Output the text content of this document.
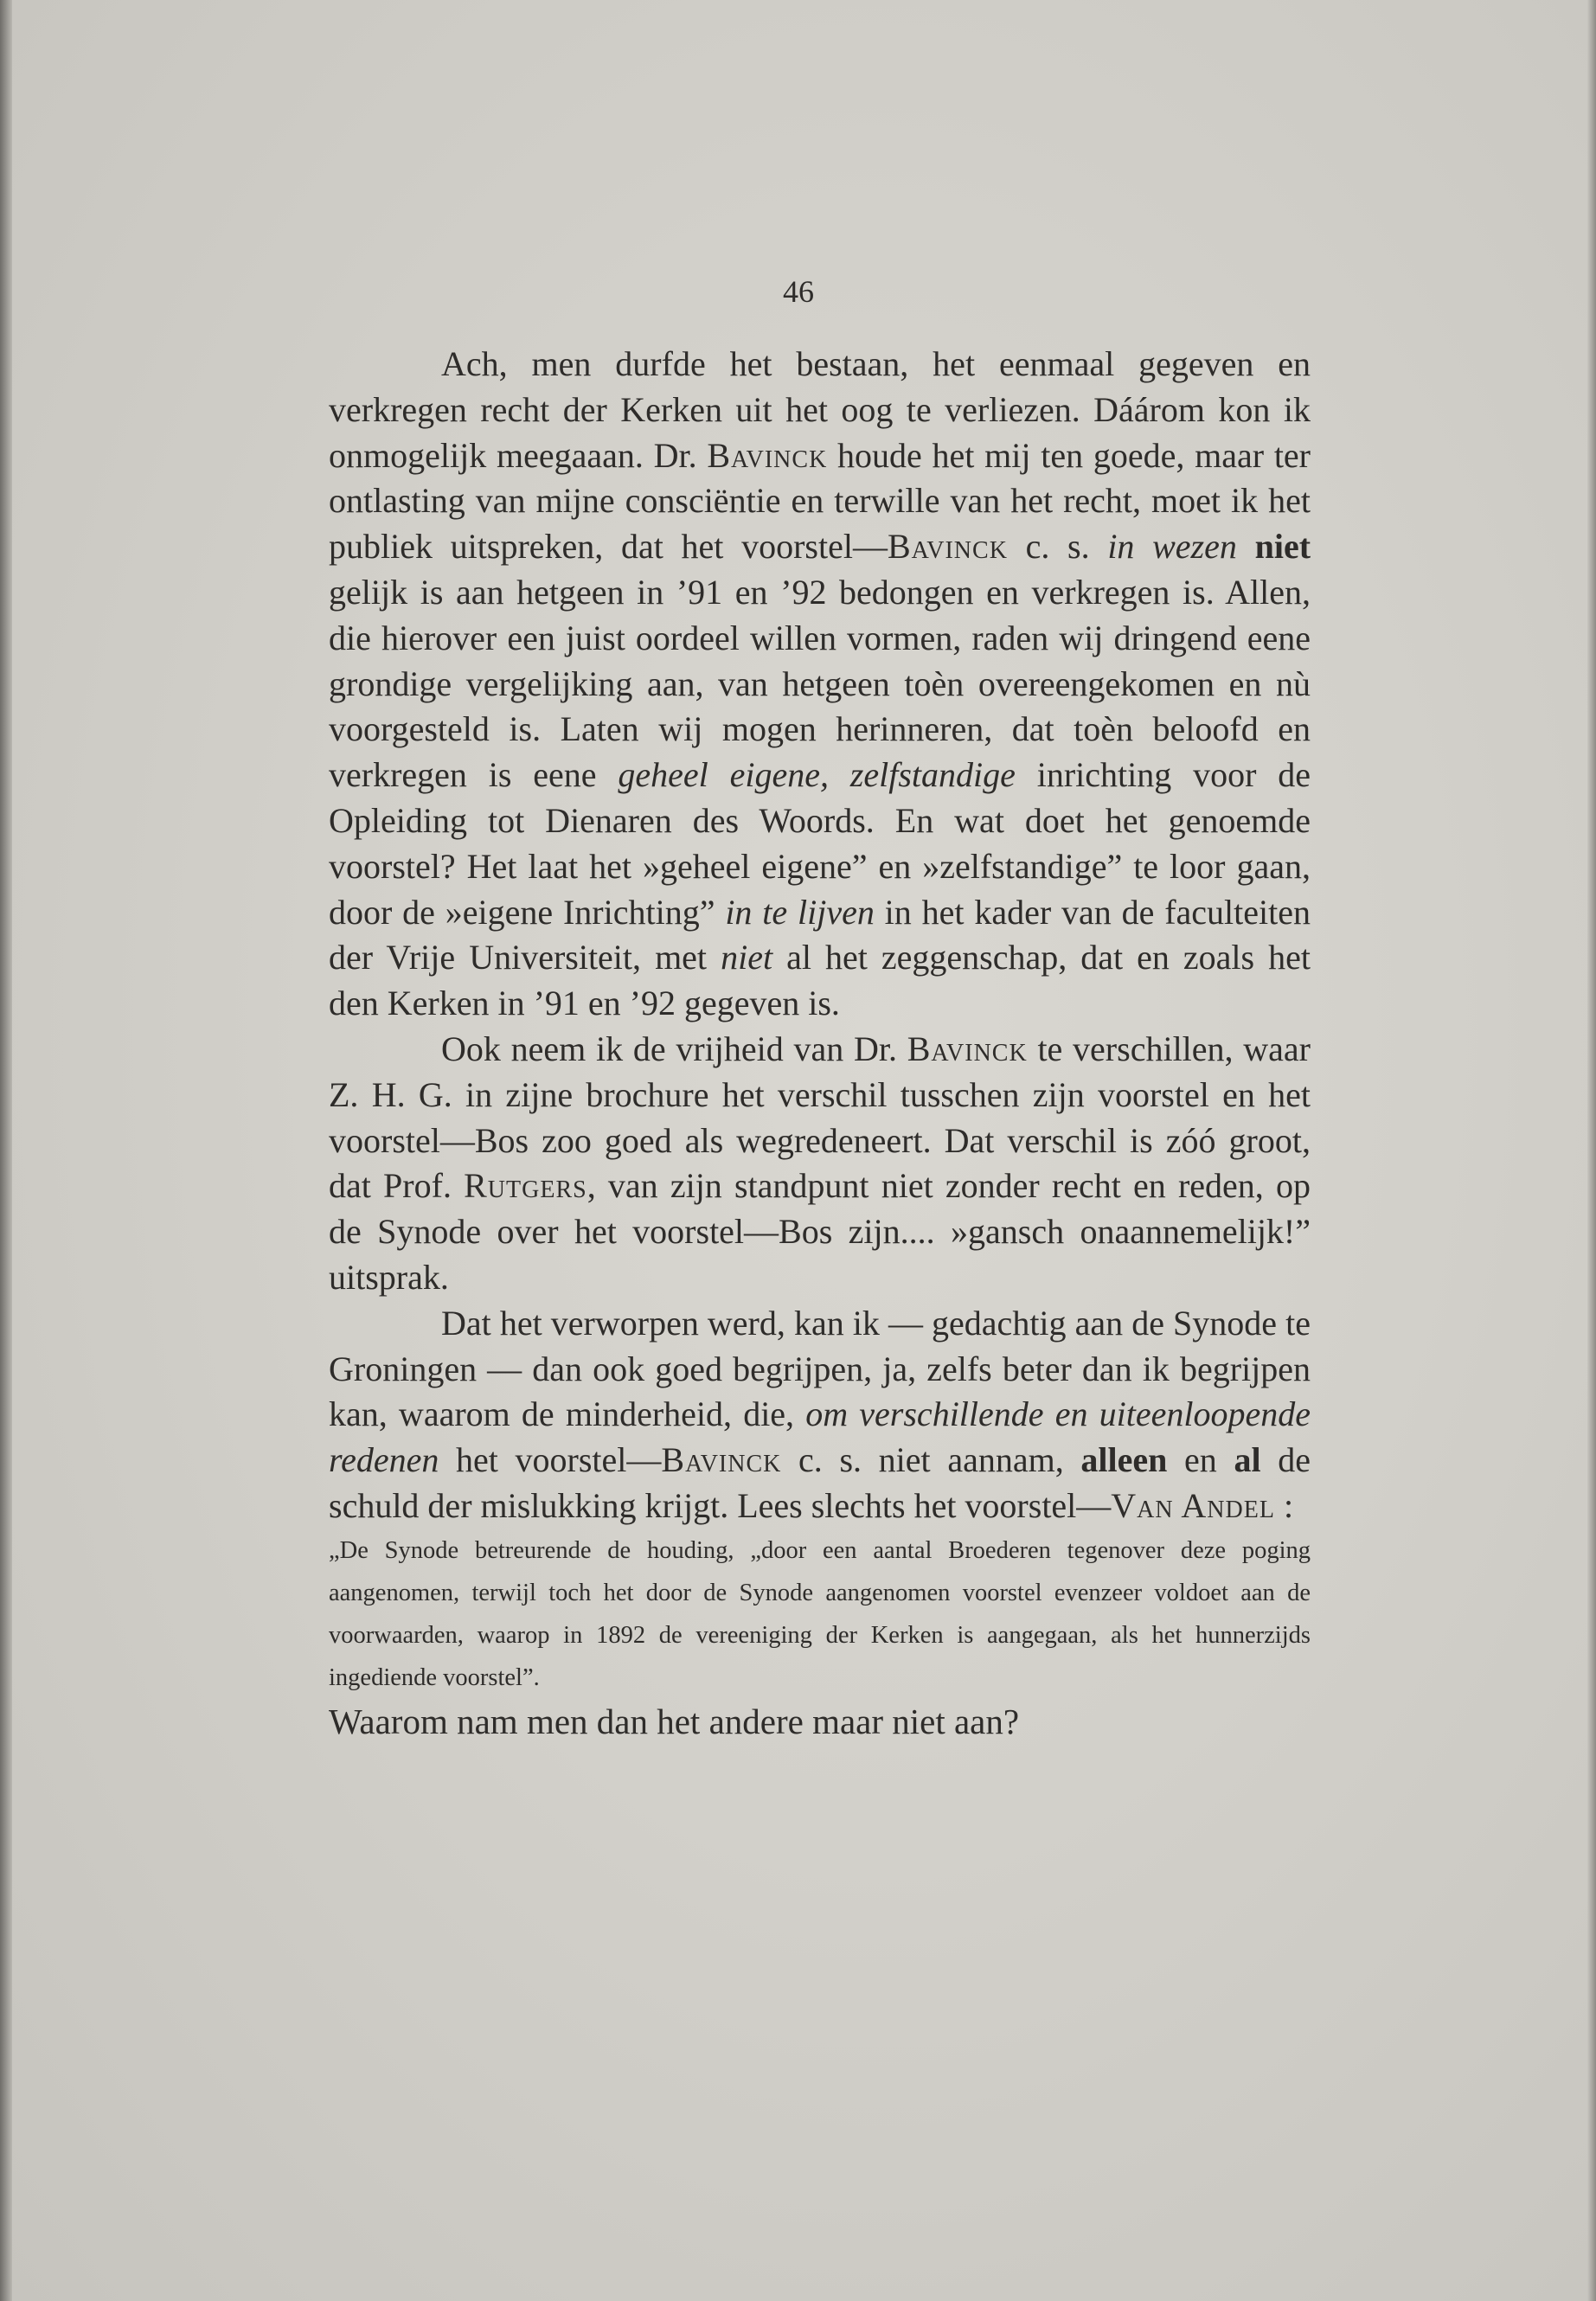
46

Ach, men durfde het bestaan, het eenmaal gegeven en verkregen recht der Kerken uit het oog te verliezen. Dáárom kon ik onmogelijk meegaaan. Dr. Bavinck houde het mij ten goede, maar ter ontlasting van mijne consciëntie en terwille van het recht, moet ik het publiek uitspreken, dat het voorstel—Bavinck c. s. in wezen niet gelijk is aan hetgeen in ’91 en ’92 bedongen en verkregen is. Allen, die hierover een juist oordeel willen vormen, raden wij dringend eene grondige vergelijking aan, van hetgeen toèn overeengekomen en nù voorgesteld is. Laten wij mogen herinneren, dat toèn beloofd en verkregen is eene geheel eigene, zelfstandige inrichting voor de Opleiding tot Dienaren des Woords. En wat doet het genoemde voorstel? Het laat het »geheel eigene” en »zelfstandige” te loor gaan, door de »eigene Inrichting” in te lijven in het kader van de faculteiten der Vrije Universiteit, met niet al het zeggenschap, dat en zoals het den Kerken in ’91 en ’92 gegeven is.

Ook neem ik de vrijheid van Dr. Bavinck te verschillen, waar Z. H. G. in zijne brochure het verschil tusschen zijn voorstel en het voorstel—Bos zoo goed als wegredeneert. Dat verschil is zóó groot, dat Prof. Rutgers, van zijn standpunt niet zonder recht en reden, op de Synode over het voorstel—Bos zijn.... »gansch onaannemelijk!” uitsprak.

Dat het verworpen werd, kan ik — gedachtig aan de Synode te Groningen — dan ook goed begrijpen, ja, zelfs beter dan ik begrijpen kan, waarom de minderheid, die, om verschillende en uiteenloopende redenen het voorstel—Bavinck c. s. niet aannam, alleen en al de schuld der mislukking krijgt. Lees slechts het voorstel—Van Andel :

„De Synode betreurende de houding, „door een aantal Broederen tegenover deze poging aangenomen, terwijl toch het door de Synode aangenomen voorstel evenzeer voldoet aan de voorwaarden, waarop in 1892 de vereeniging der Kerken is aangegaan, als het hunnerzijds ingediende voorstel”.

Waarom nam men dan het andere maar niet aan?
